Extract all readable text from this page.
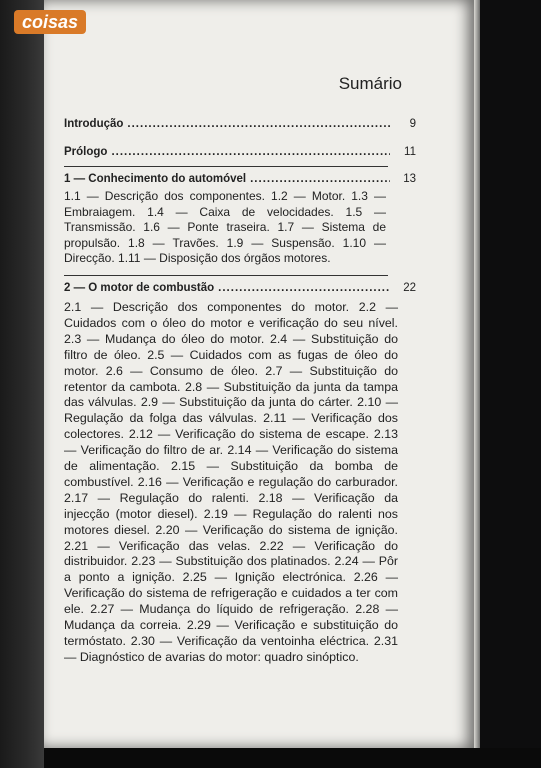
coisas
Sumário
Introdução .....	9
Prólogo .....	11
1 — Conhecimento do automóvel .....	13
1.1 — Descrição dos componentes. 1.2 — Motor. 1.3 — Embraiagem. 1.4 — Caixa de velocidades. 1.5 — Transmissão. 1.6 — Ponte traseira. 1.7 — Sistema de propulsão. 1.8 — Travões. 1.9 — Suspensão. 1.10 — Direcção. 1.11 — Disposição dos órgãos motores.
2 — O motor de combustão .....	22
2.1 — Descrição dos componentes do motor. 2.2 — Cuidados com o óleo do motor e verificação do seu nível. 2.3 — Mudança do óleo do motor. 2.4 — Substituição do filtro de óleo. 2.5 — Cuidados com as fugas de óleo do motor. 2.6 — Consumo de óleo. 2.7 — Substituição do retentor da cambota. 2.8 — Substituição da junta da tampa das válvulas. 2.9 — Substituição da junta do cárter. 2.10 — Regulação da folga das válvulas. 2.11 — Verificação dos colectores. 2.12 — Verificação do sistema de escape. 2.13 — Verificação do filtro de ar. 2.14 — Verificação do sistema de alimentação. 2.15 — Substituição da bomba de combustível. 2.16 — Verificação e regulação do carburador. 2.17 — Regulação do ralenti. 2.18 — Verificação da injecção (motor diesel). 2.19 — Regulação do ralenti nos motores diesel. 2.20 — Verificação do sistema de ignição. 2.21 — Verificação das velas. 2.22 — Verificação do distribuidor. 2.23 — Substituição dos platinados. 2.24 — Pôr a ponto a ignição. 2.25 — Ignição electrónica. 2.26 — Verificação do sistema de refrigeração e cuidados a ter com ele. 2.27 — Mudança do líquido de refrigeração. 2.28 — Mudança da correia. 2.29 — Verificação e substituição do termóstato. 2.30 — Verificação da ventoinha eléctrica. 2.31 — Diagnóstico de avarias do motor: quadro sinóptico.
